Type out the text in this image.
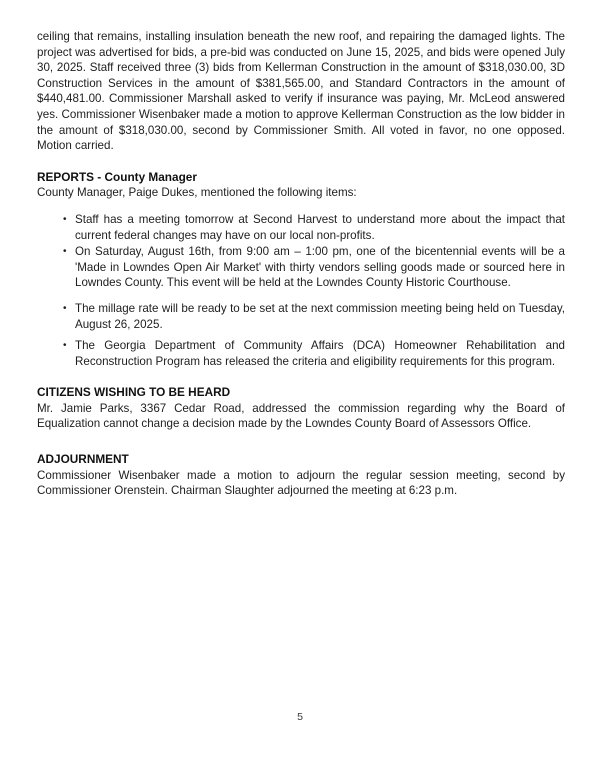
ceiling that remains, installing insulation beneath the new roof, and repairing the damaged lights. The project was advertised for bids, a pre-bid was conducted on June 15, 2025, and bids were opened July 30, 2025. Staff received three (3) bids from Kellerman Construction in the amount of $318,030.00, 3D Construction Services in the amount of $381,565.00, and Standard Contractors in the amount of $440,481.00. Commissioner Marshall asked to verify if insurance was paying, Mr. McLeod answered yes. Commissioner Wisenbaker made a motion to approve Kellerman Construction as the low bidder in the amount of $318,030.00, second by Commissioner Smith. All voted in favor, no one opposed. Motion carried.

REPORTS - County Manager

County Manager, Paige Dukes, mentioned the following items:

• Staff has a meeting tomorrow at Second Harvest to understand more about the impact that current federal changes may have on our local non-profits.
• On Saturday, August 16th, from 9:00 am – 1:00 pm, one of the bicentennial events will be a 'Made in Lowndes Open Air Market' with thirty vendors selling goods made or sourced here in Lowndes County. This event will be held at the Lowndes County Historic Courthouse.
• The millage rate will be ready to be set at the next commission meeting being held on Tuesday, August 26, 2025.
• The Georgia Department of Community Affairs (DCA) Homeowner Rehabilitation and Reconstruction Program has released the criteria and eligibility requirements for this program.
CITIZENS WISHING TO BE HEARD

Mr. Jamie Parks, 3367 Cedar Road, addressed the commission regarding why the Board of Equalization cannot change a decision made by the Lowndes County Board of Assessors Office.

ADJOURNMENT

Commissioner Wisenbaker made a motion to adjourn the regular session meeting, second by Commissioner Orenstein. Chairman Slaughter adjourned the meeting at 6:23 p.m.

5
